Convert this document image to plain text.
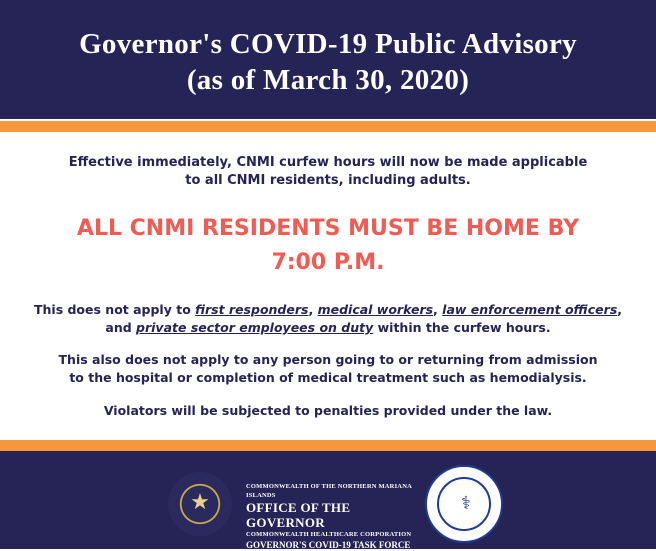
Governor's COVID-19 Public Advisory
(as of March 30, 2020)
Effective immediately, CNMI curfew hours will now be made applicable
to all CNMI residents, including adults.
ALL CNMI RESIDENTS MUST BE HOME BY
7:00 P.M.
This does not apply to first responders, medical workers, law enforcement officers,
and private sector employees on duty within the curfew hours.
This also does not apply to any person going to or returning from admission
to the hospital or completion of medical treatment such as hemodialysis.
Violators will be subjected to penalties provided under the law.
★
COMMONWEALTH OF THE NORTHERN MARIANA ISLANDS
OFFICE OF THE GOVERNOR
COMMONWEALTH HEALTHCARE CORPORATION
GOVERNOR'S COVID-19 TASK FORCE
⚕
